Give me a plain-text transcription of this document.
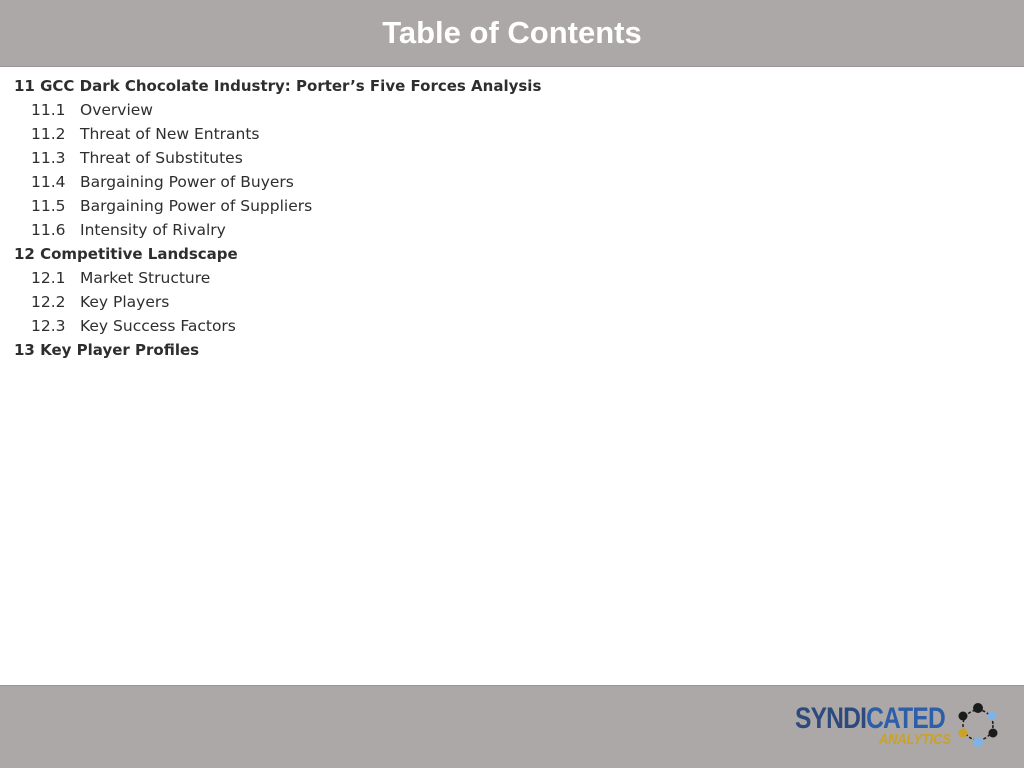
Table of Contents
11 GCC Dark Chocolate Industry: Porter’s Five Forces Analysis
11.1 Overview
11.2 Threat of New Entrants
11.3 Threat of Substitutes
11.4 Bargaining Power of Buyers
11.5 Bargaining Power of Suppliers
11.6 Intensity of Rivalry
12 Competitive Landscape
12.1 Market Structure
12.2 Key Players
12.3 Key Success Factors
13 Key Player Profiles
SYNDICATED
ANALYTICS
